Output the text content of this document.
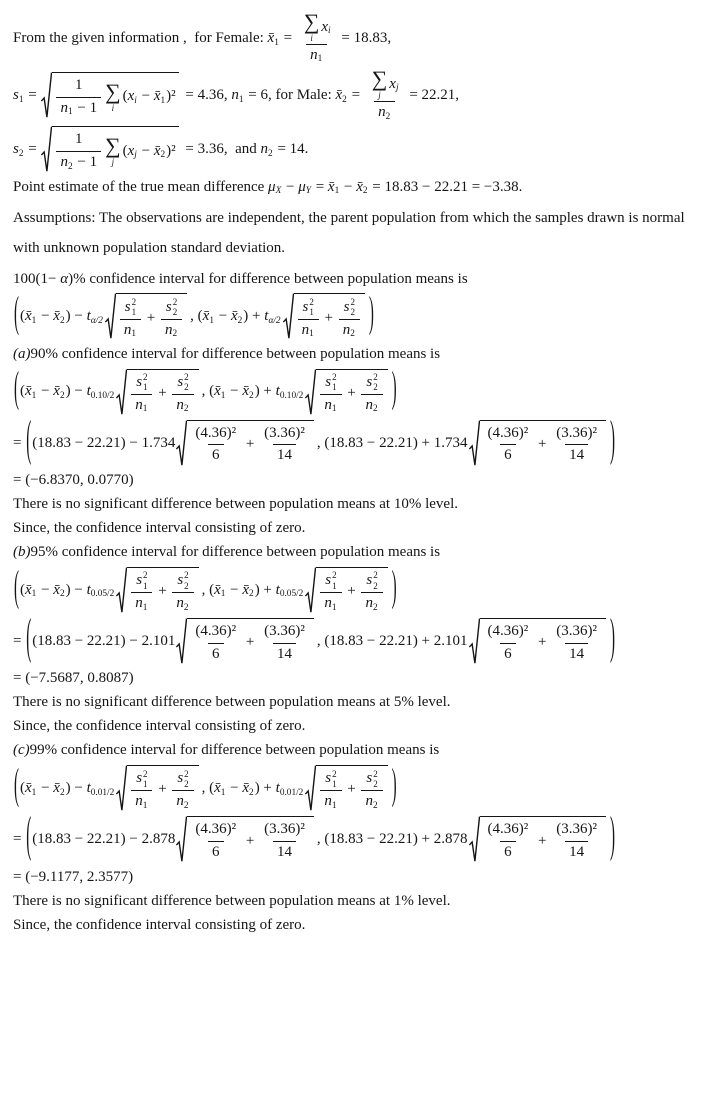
From the given information ,  for Female: x̄ 1 =
∑
i
x i
n 1
= 18.83,
s $1 = \frac{1}{n 1 - 1}$ ∑
i
( x i − x̄ 1 )² = 4.36, n 1 = 6, for Male: x̄ 2 =
∑
j
x j
n 2
= 22.21,
s $2 = \frac{1}{n 2 - 1}$ ∑
j
( x j − x̄ 2 )² = 3.36,  and n 2 = 14.
Point estimate of the true mean difference μ X − μ Y = x̄ 1 − x̄ 2 = 18.83 − 22.21 = −3.38.
Assumptions: The observations are independent, the parent population from which the samples drawn is normal with unknown population standard deviation.
100(1− α )% confidence interval for difference between population means is
( ( x̄ 1 − x̄ 2 ) − t α/2 s 2
1
n 1 + s 2
2
n 2 , ( x̄ 1 − x̄ 2 ) + t α/2 s 2
1
n 1 + s 2
2
n 2 )
(a) 90% confidence interval for difference between population means is
( ( x̄ 1 − x̄ 2 ) − t 0.10/2 s 2
1
n 1 + s 2
2
n 2 , ( x̄ 1 − x̄ 2 ) + t 0.10/2 s 2
1
n 1 + s 2
2
n 2 )
= ( $(18.83 - 22.21) - 1.734 \frac{\text{(4.36)²}}{6} + \frac{\text{(3.36)²}}{14}$ , $(18.83 - 22.21) + 1.734 \frac{\text{(4.36)²}}{6} + \frac{\text{(3.36)²}}{14}$ )
= (−6.8370, 0.0770)
There is no significant difference between population means at 10% level.
Since, the confidence interval consisting of zero.
(b) 95% confidence interval for difference between population means is
( ( x̄ 1 − x̄ 2 ) − t 0.05/2 s 2
1
n 1 + s 2
2
n 2 , ( x̄ 1 − x̄ 2 ) + t 0.05/2 s 2
1
n 1 + s 2
2
n 2 )
= ( $(18.83 - 22.21) - 2.101 \frac{\text{(4.36)²}}{6} + \frac{\text{(3.36)²}}{14}$ , $(18.83 - 22.21) + 2.101 \frac{\text{(4.36)²}}{6} + \frac{\text{(3.36)²}}{14}$ )
= (−7.5687, 0.8087)
There is no significant difference between population means at 5% level.
Since, the confidence interval consisting of zero.
(c) 99% confidence interval for difference between population means is
( ( x̄ 1 − x̄ 2 ) − t 0.01/2 s 2
1
n 1 + s 2
2
n 2 , ( x̄ 1 − x̄ 2 ) + t 0.01/2 s 2
1
n 1 + s 2
2
n 2 )
= ( $(18.83 - 22.21) - 2.878 \frac{\text{(4.36)²}}{6} + \frac{\text{(3.36)²}}{14}$ , $(18.83 - 22.21) + 2.878 \frac{\text{(4.36)²}}{6} + \frac{\text{(3.36)²}}{14}$ )
= (−9.1177, 2.3577)
There is no significant difference between population means at 1% level.
Since, the confidence interval consisting of zero.
